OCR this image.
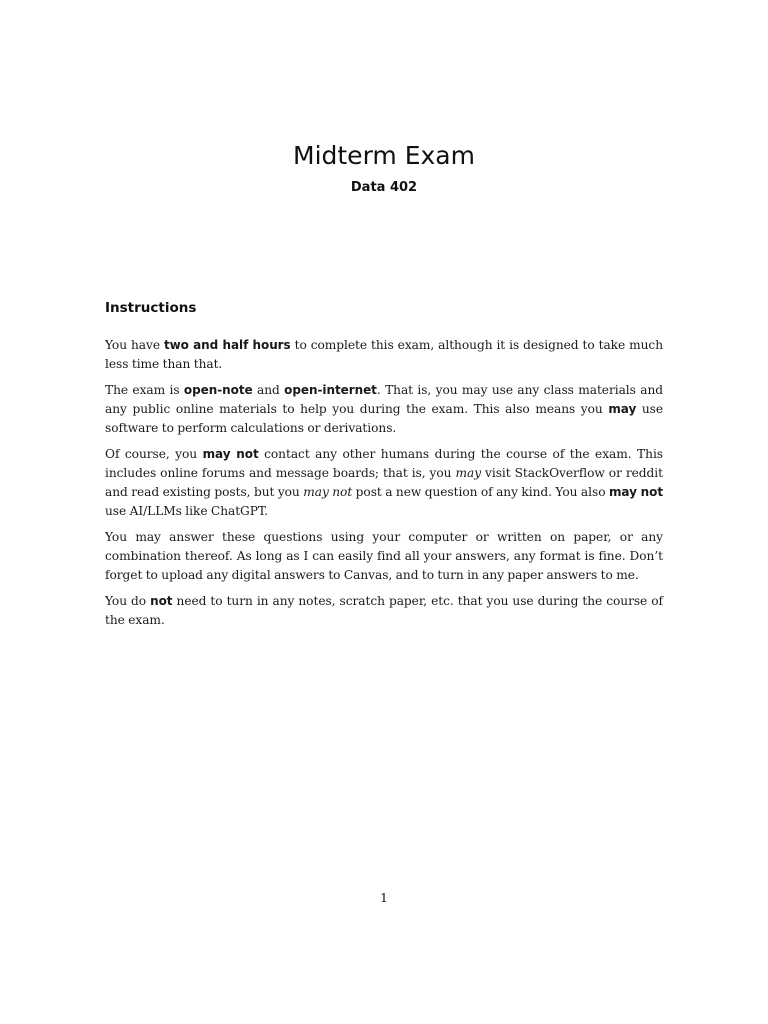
Midterm Exam
Data 402
Instructions

You have two and half hours to complete this exam, although it is designed to take much less time than that.

The exam is open-note and open-internet. That is, you may use any class materials and any public online materials to help you during the exam. This also means you may use software to perform calculations or derivations.

Of course, you may not contact any other humans during the course of the exam. This includes online forums and message boards; that is, you may visit StackOverflow or reddit and read existing posts, but you may not post a new question of any kind. You also may not use AI/LLMs like ChatGPT.

You may answer these questions using your computer or written on paper, or any combination thereof. As long as I can easily find all your answers, any format is fine. Don’t forget to upload any digital answers to Canvas, and to turn in any paper answers to me.

You do not need to turn in any notes, scratch paper, etc. that you use during the course of the exam.

1
